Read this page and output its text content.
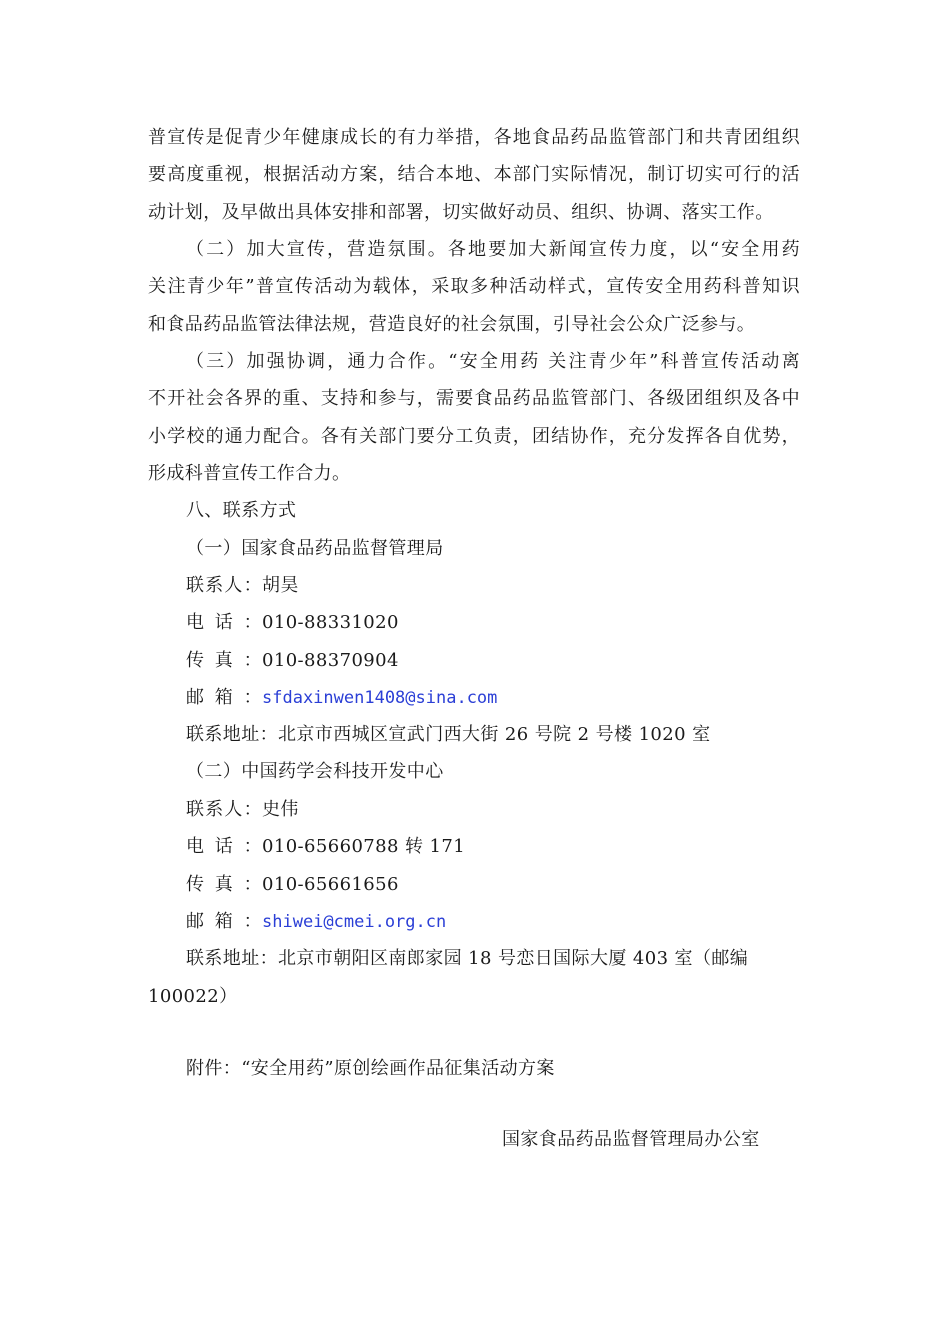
普宣传是促青少年健康成长的有力举措，各地食品药品监管部门和共青团组织
要高度重视，根据活动方案，结合本地、本部门实际情况，制订切实可行的活
动计划，及早做出具体安排和部署，切实做好动员、组织、协调、落实工作。
（二）加大宣传，营造氛围。各地要加大新闻宣传力度，以“安全用药
关注青少年”普宣传活动为载体，采取多种活动样式，宣传安全用药科普知识
和食品药品监管法律法规，营造良好的社会氛围，引导社会公众广泛参与。
（三）加强协调，通力合作。“安全用药 关注青少年”科普宣传活动离
不开社会各界的重、支持和参与，需要食品药品监管部门、各级团组织及各中
小学校的通力配合。各有关部门要分工负责，团结协作，充分发挥各自优势，
形成科普宣传工作合力。
八、联系方式
（一）国家食品药品监督管理局
联系人：胡昊
电话：010-88331020
传真：010-88370904
邮箱：sfdaxinwen1408@sina.com
联系地址：北京市西城区宣武门西大街 26 号院 2 号楼 1020 室
（二）中国药学会科技开发中心
联系人：史伟
电话：010-65660788 转 171
传真：010-65661656
邮箱：shiwei@cmei.org.cn
联系地址：北京市朝阳区南郎家园 18 号恋日国际大厦 403 室（邮编
100022）
附件：“安全用药”原创绘画作品征集活动方案
国家食品药品监督管理局办公室
